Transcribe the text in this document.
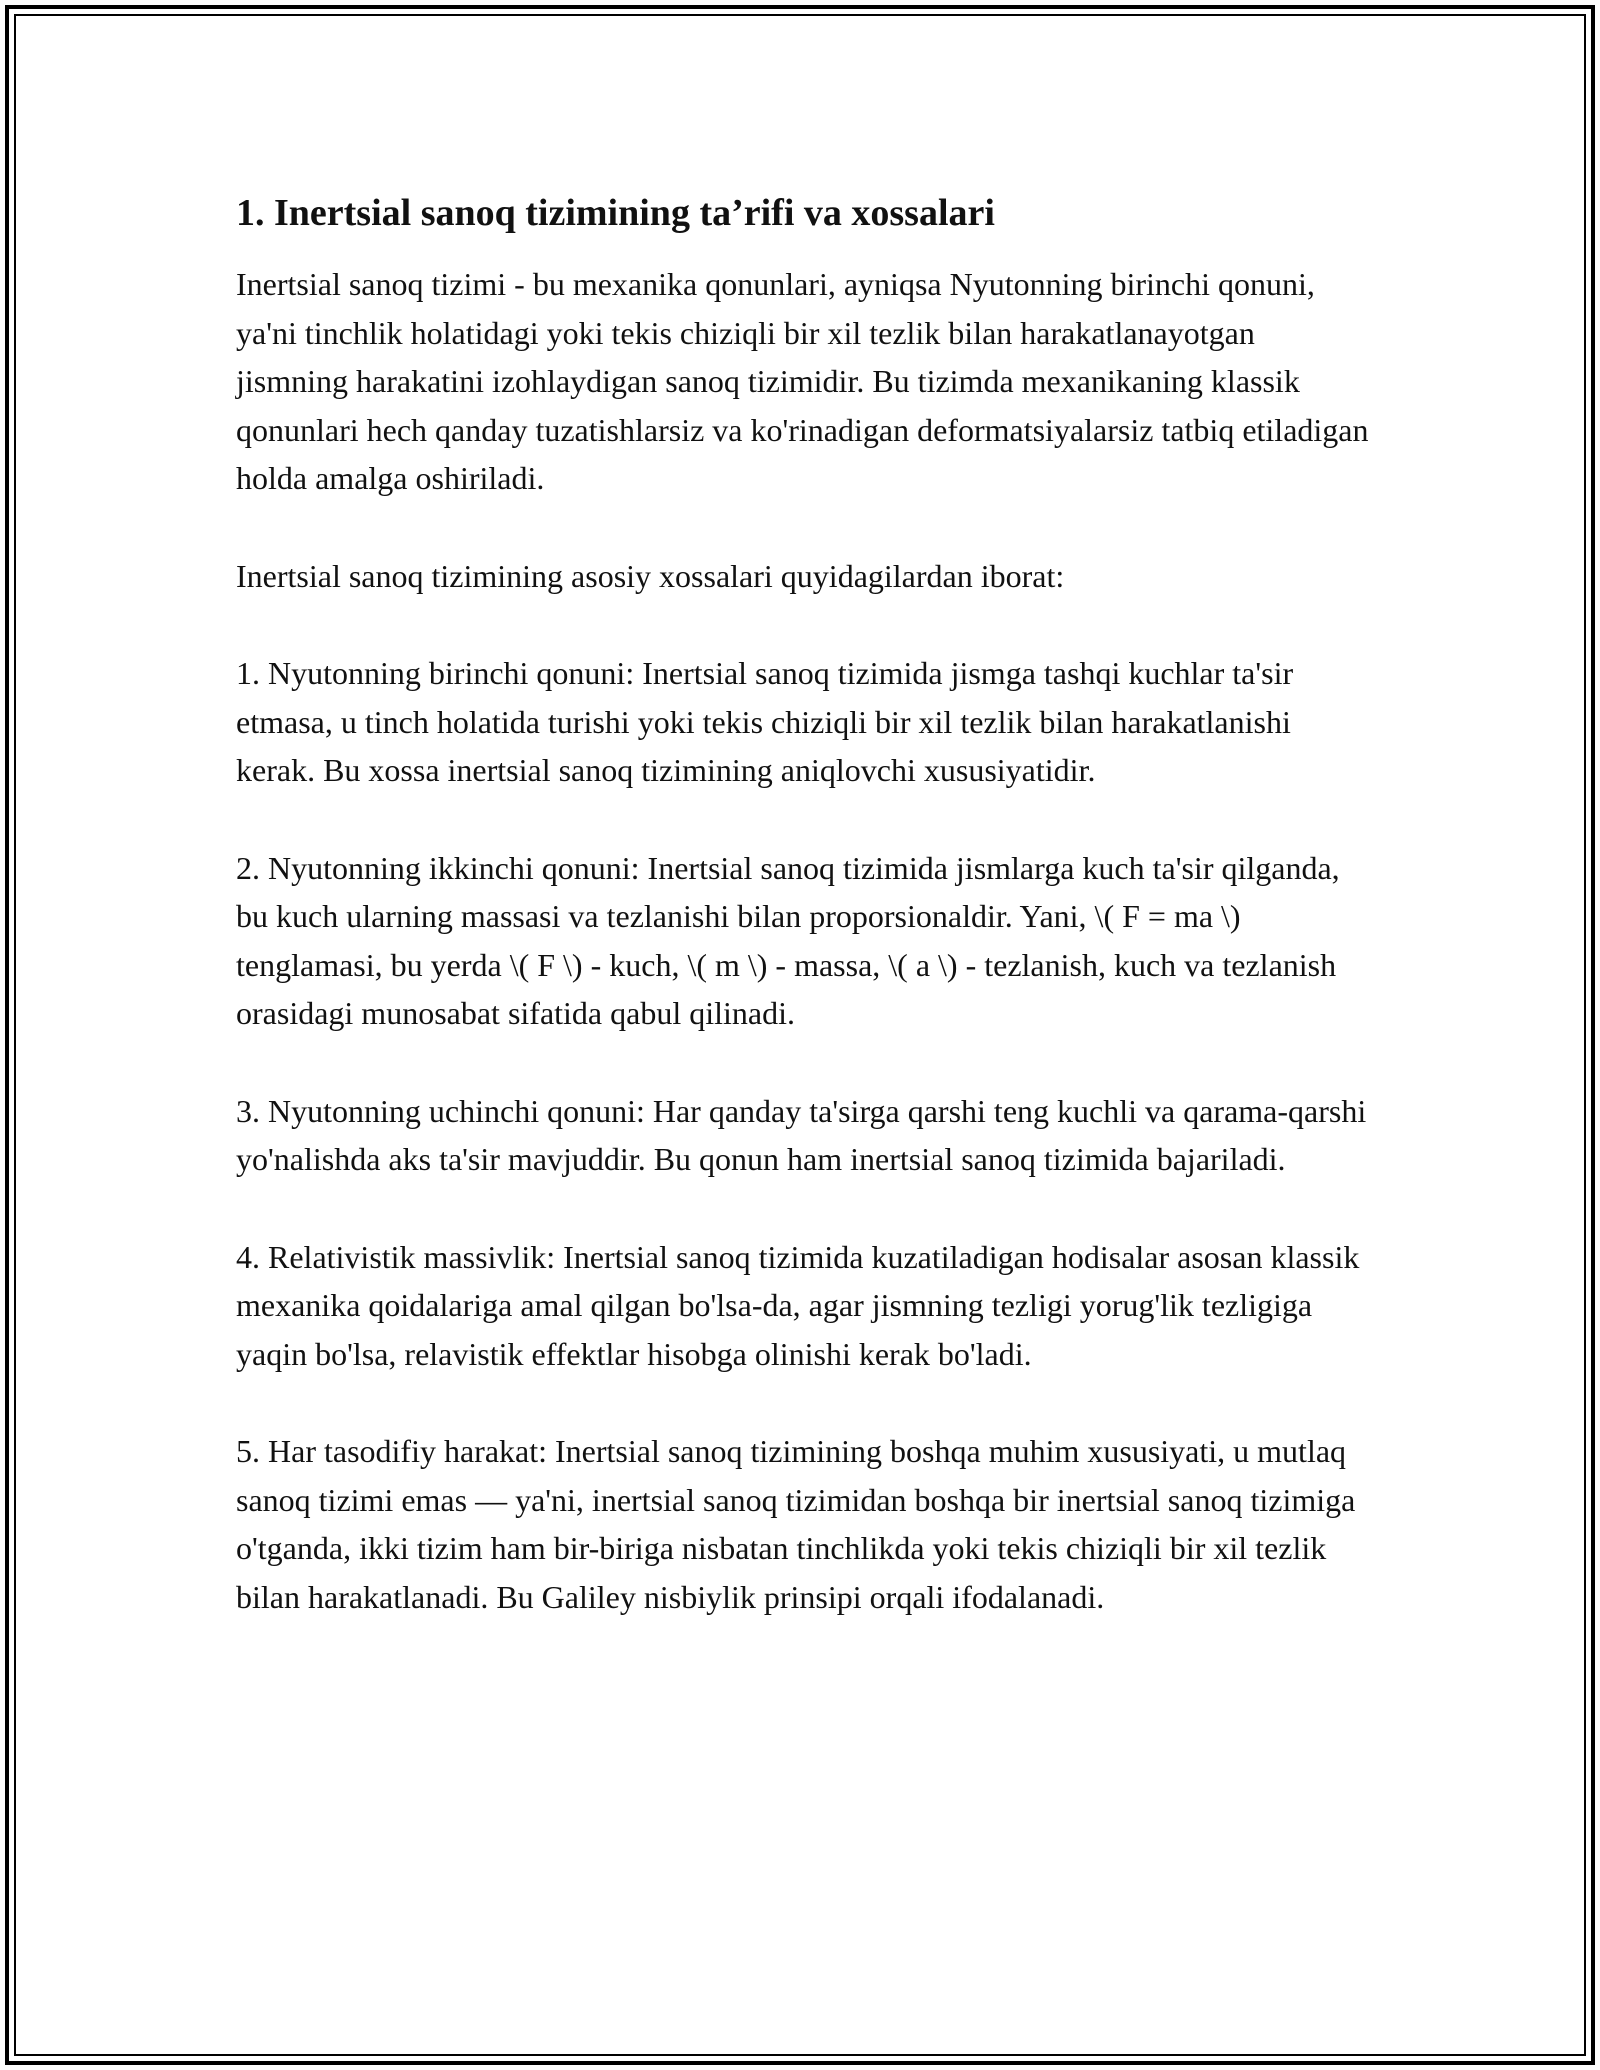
1. Inertsial sanoq tizimining ta’rifi va xossalari

Inertsial sanoq tizimi - bu mexanika qonunlari, ayniqsa Nyutonning birinchi qonuni, ya'ni tinchlik holatidagi yoki tekis chiziqli bir xil tezlik bilan harakatlanayotgan jismning harakatini izohlaydigan sanoq tizimidir. Bu tizimda mexanikaning klassik qonunlari hech qanday tuzatishlarsiz va ko'rinadigan deformatsiyalarsiz tatbiq etiladigan holda amalga oshiriladi.

Inertsial sanoq tizimining asosiy xossalari quyidagilardan iborat:

1. Nyutonning birinchi qonuni: Inertsial sanoq tizimida jismga tashqi kuchlar ta'sir etmasa, u tinch holatida turishi yoki tekis chiziqli bir xil tezlik bilan harakatlanishi kerak. Bu xossa inertsial sanoq tizimining aniqlovchi xususiyatidir.

2. Nyutonning ikkinchi qonuni: Inertsial sanoq tizimida jismlarga kuch ta'sir qilganda, bu kuch ularning massasi va tezlanishi bilan proporsionaldir. Yani, \( F = ma \) tenglamasi, bu yerda \( F \) - kuch, \( m \) - massa, \( a \) - tezlanish, kuch va tezlanish orasidagi munosabat sifatida qabul qilinadi.

3. Nyutonning uchinchi qonuni: Har qanday ta'sirga qarshi teng kuchli va qarama-qarshi yo'nalishda aks ta'sir mavjuddir. Bu qonun ham inertsial sanoq tizimida bajariladi.

4. Relativistik massivlik: Inertsial sanoq tizimida kuzatiladigan hodisalar asosan klassik mexanika qoidalariga amal qilgan bo'lsa-da, agar jismning tezligi yorug'lik tezligiga yaqin bo'lsa, relavistik effektlar hisobga olinishi kerak bo'ladi.

5. Har tasodifiy harakat: Inertsial sanoq tizimining boshqa muhim xususiyati, u mutlaq sanoq tizimi emas — ya'ni, inertsial sanoq tizimidan boshqa bir inertsial sanoq tizimiga o'tganda, ikki tizim ham bir-biriga nisbatan tinchlikda yoki tekis chiziqli bir xil tezlik bilan harakatlanadi. Bu Galiley nisbiylik prinsipi orqali ifodalanadi.
